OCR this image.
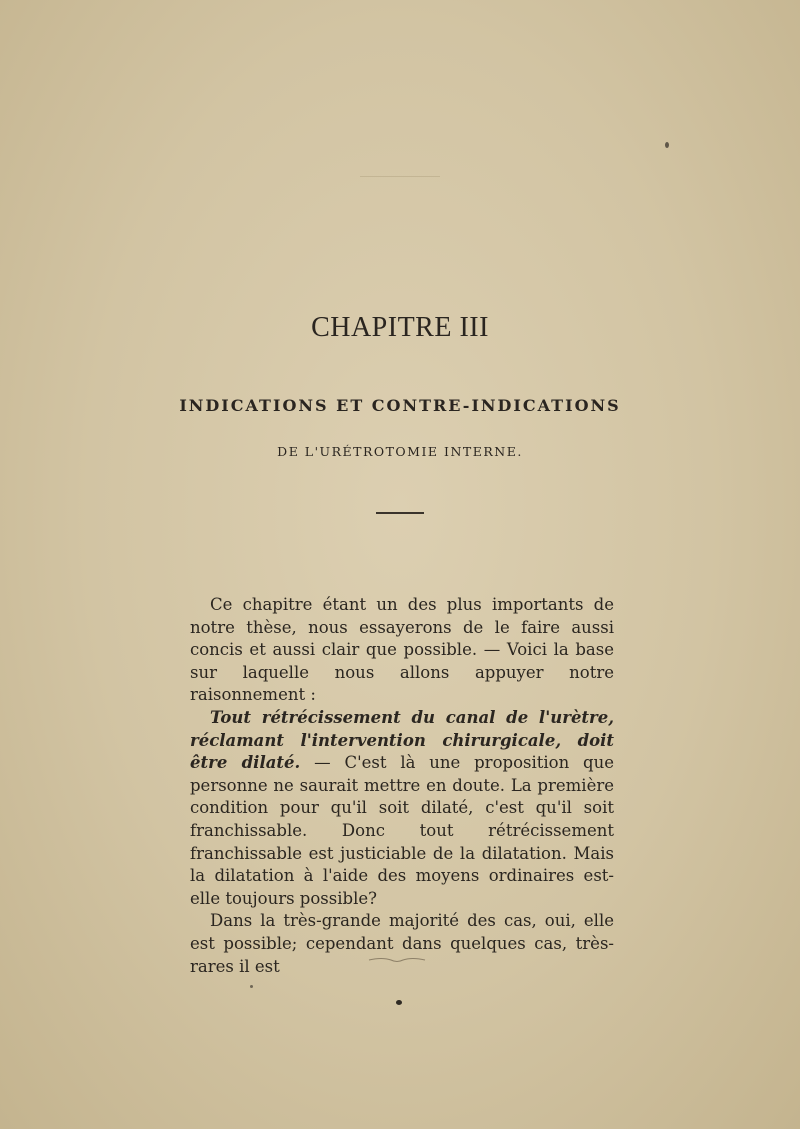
CHAPITRE III
INDICATIONS ET CONTRE-INDICATIONS
DE L'URÉTROTOMIE INTERNE.

Ce chapitre étant un des plus importants de notre thèse, nous essayerons de le faire aussi concis et aussi clair que possible. — Voici la base sur laquelle nous allons appuyer notre raisonnement :

Tout rétrécissement du canal de l'urètre, réclamant l'intervention chirurgicale, doit être dilaté. — C'est là une proposition que personne ne saurait mettre en doute. La première condition pour qu'il soit dilaté, c'est qu'il soit franchissable. Donc tout rétrécissement franchissable est justiciable de la dilatation. Mais la dilatation à l'aide des moyens ordinaires est-elle toujours possible?

Dans la très-grande majorité des cas, oui, elle est possible; cependant dans quelques cas, très-rares il est
